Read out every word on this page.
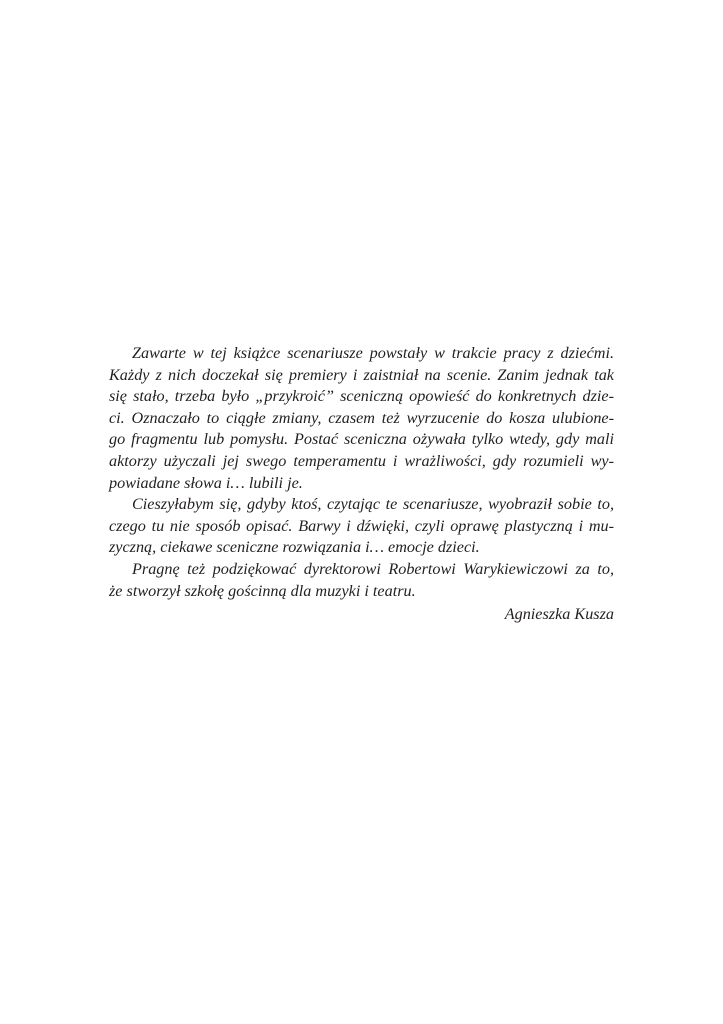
Zawarte w tej książce scenariusze powstały w trakcie pracy z dziećmi.
Każdy z nich doczekał się premiery i zaistniał na scenie. Zanim jednak tak
się stało, trzeba było „przykroić” sceniczną opowieść do konkretnych dzie-
ci. Oznaczało to ciągłe zmiany, czasem też wyrzucenie do kosza ulubione-
go fragmentu lub pomysłu. Postać sceniczna ożywała tylko wtedy, gdy mali
aktorzy użyczali jej swego temperamentu i wrażliwości, gdy rozumieli wy-
powiadane słowa i… lubili je.
Cieszyłabym się, gdyby ktoś, czytając te scenariusze, wyobraził sobie to,
czego tu nie sposób opisać. Barwy i dźwięki, czyli oprawę plastyczną i mu-
zyczną, ciekawe sceniczne rozwiązania i… emocje dzieci.
Pragnę też podziękować dyrektorowi Robertowi Warykiewiczowi za to,
że stworzył szkołę gościnną dla muzyki i teatru.
Agnieszka Kusza
